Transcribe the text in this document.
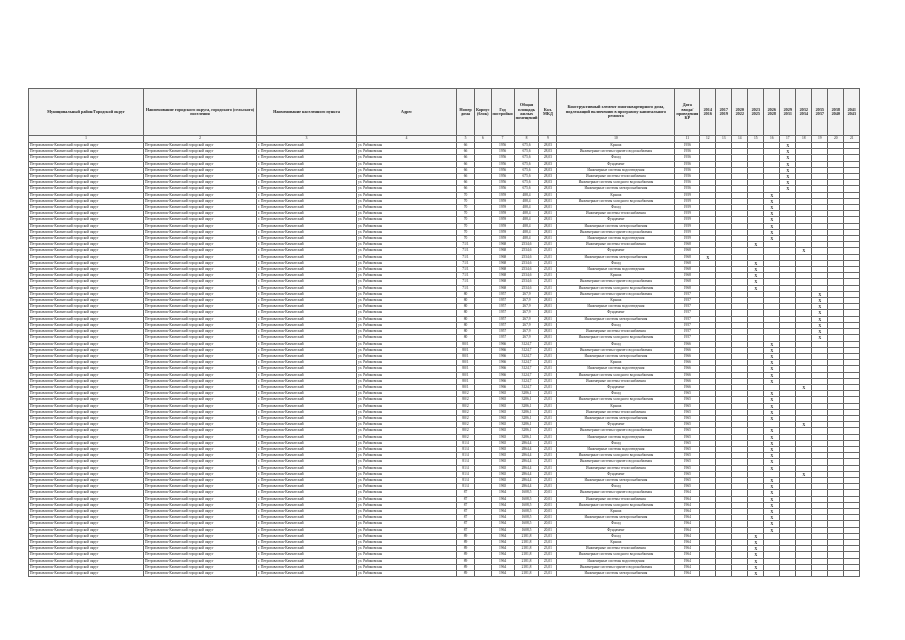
Муниципальный район/Городской округ	Наименование городского округа, городского (сельского) поселения	Наименование населенного пункта	Адрес	Номер дома	Корпус (блок)	Год постройки	Общая площадь жилых помещений	Кол. МКД	Конструктивный элемент многоквартирного дома, подлежащий включению в программу капитального ремонта	Дата ввода/проведения КР	2014 2016	2017 2019	2020 2022	2023 2025	2026 2028	2029 2031	2032 2034	2035 2037	2038 2040	2041 2043
1	2	3	4	5	6	7	8	9	10	11	12	13	14	15	16	17	18	19	20	21
Петропавловск-Камчатский городской округ	Петропавловск-Камчатский городской округ	г. Петропавловск-Камчатский	ул. Рябиковская	66		1956	675,6	28,03	Крыша	1956						X				
Петропавловск-Камчатский городской округ	Петропавловск-Камчатский городской округ	г. Петропавловск-Камчатский	ул. Рябиковская	66		1956	675,6	28,03	Инженерные системы горячего водоснабжения	1956						X				
Петропавловск-Камчатский городской округ	Петропавловск-Камчатский городской округ	г. Петропавловск-Камчатский	ул. Рябиковская	66		1956	675,6	28,03	Фасад	1956						X				
Петропавловск-Камчатский городской округ	Петропавловск-Камчатский городской округ	г. Петропавловск-Камчатский	ул. Рябиковская	66		1956	675,6	28,03	Фундамент	1956						X				
Петропавловск-Камчатский городской округ	Петропавловск-Камчатский городской округ	г. Петропавловск-Камчатский	ул. Рябиковская	66		1956	675,6	28,03	Инженерные системы водоотведения	1956						X				
Петропавловск-Камчатский городской округ	Петропавловск-Камчатский городской округ	г. Петропавловск-Камчатский	ул. Рябиковская	66		1956	675,6	28,03	Инженерные системы теплоснабжения	1956						X				
Петропавловск-Камчатский городской округ	Петропавловск-Камчатский городской округ	г. Петропавловск-Камчатский	ул. Рябиковская	66		1956	675,6	28,03	Инженерные системы холодного водоснабжения	1956						X				
Петропавловск-Камчатский городской округ	Петропавловск-Камчатский городской округ	г. Петропавловск-Камчатский	ул. Рябиковская	66		1956	675,6	28,03	Инженерные системы электроснабжения	1956						X				
Петропавловск-Камчатский городской округ	Петропавловск-Камчатский городской округ	г. Петропавловск-Камчатский	ул. Рябиковская	70		1959	488,4	28,01	Крыша	1959					X					
Петропавловск-Камчатский городской округ	Петропавловск-Камчатский городской округ	г. Петропавловск-Камчатский	ул. Рябиковская	70		1959	488,4	28,01	Инженерные системы холодного водоснабжения	1959					X					
Петропавловск-Камчатский городской округ	Петропавловск-Камчатский городской округ	г. Петропавловск-Камчатский	ул. Рябиковская	70		1959	488,4	28,01	Фасад	1959					X					
Петропавловск-Камчатский городской округ	Петропавловск-Камчатский городской округ	г. Петропавловск-Камчатский	ул. Рябиковская	70		1959	488,4	28,01	Инженерные системы теплоснабжения	1959					X					
Петропавловск-Камчатский городской округ	Петропавловск-Камчатский городской округ	г. Петропавловск-Камчатский	ул. Рябиковская	70		1959	488,4	28,01	Фундамент	1959					X					
Петропавловск-Камчатский городской округ	Петропавловск-Камчатский городской округ	г. Петропавловск-Камчатский	ул. Рябиковская	70		1959	488,4	28,01	Инженерные системы электроснабжения	1959					X					
Петропавловск-Камчатский городской округ	Петропавловск-Камчатский городской округ	г. Петропавловск-Камчатский	ул. Рябиковская	70		1959	488,4	28,01	Инженерные системы горячего водоснабжения	1959					X					
Петропавловск-Камчатский городской округ	Петропавловск-Камчатский городской округ	г. Петропавловск-Камчатский	ул. Рябиковская	70		1959	488,4	28,01	Инженерные системы водоотведения	1959					X					
Петропавловск-Камчатский городской округ	Петропавловск-Камчатский городской округ	г. Петропавловск-Камчатский	ул. Рябиковская	71/1		1968	2534,6	23,01	Инженерные системы теплоснабжения	1968				X						
Петропавловск-Камчатский городской округ	Петропавловск-Камчатский городской округ	г. Петропавловск-Камчатский	ул. Рябиковская	71/1		1968	2534,6	23,01	Фундамент	1968							X			
Петропавловск-Камчатский городской округ	Петропавловск-Камчатский городской округ	г. Петропавловск-Камчатский	ул. Рябиковская	71/1		1968	2534,6	23,01	Инженерные системы электроснабжения	1968	X									
Петропавловск-Камчатский городской округ	Петропавловск-Камчатский городской округ	г. Петропавловск-Камчатский	ул. Рябиковская	71/1		1968	2534,6	23,01	Фасад	1968				X						
Петропавловск-Камчатский городской округ	Петропавловск-Камчатский городской округ	г. Петропавловск-Камчатский	ул. Рябиковская	71/1		1968	2534,6	23,01	Инженерные системы водоотведения	1968				X						
Петропавловск-Камчатский городской округ	Петропавловск-Камчатский городской округ	г. Петропавловск-Камчатский	ул. Рябиковская	71/1		1968	2534,6	23,01	Крыша	1968				X						
Петропавловск-Камчатский городской округ	Петропавловск-Камчатский городской округ	г. Петропавловск-Камчатский	ул. Рябиковская	71/1		1968	2534,6	23,01	Инженерные системы горячего водоснабжения	1968				X						
Петропавловск-Камчатский городской округ	Петропавловск-Камчатский городской округ	г. Петропавловск-Камчатский	ул. Рябиковская	71/1		1968	2534,6	23,01	Инженерные системы холодного водоснабжения	1968				X						
Петропавловск-Камчатский городской округ	Петропавловск-Камчатский городской округ	г. Петропавловск-Камчатский	ул. Рябиковская	80		1957	267,9	28,01	Инженерные системы горячего водоснабжения	1957								X		
Петропавловск-Камчатский городской округ	Петропавловск-Камчатский городской округ	г. Петропавловск-Камчатский	ул. Рябиковская	80		1957	267,9	28,01	Крыша	1957								X		
Петропавловск-Камчатский городской округ	Петропавловск-Камчатский городской округ	г. Петропавловск-Камчатский	ул. Рябиковская	80		1957	267,9	28,01	Инженерные системы водоотведения	1957								X		
Петропавловск-Камчатский городской округ	Петропавловск-Камчатский городской округ	г. Петропавловск-Камчатский	ул. Рябиковская	80		1957	267,9	28,01	Фундамент	1957								X		
Петропавловск-Камчатский городской округ	Петропавловск-Камчатский городской округ	г. Петропавловск-Камчатский	ул. Рябиковская	80		1957	267,9	28,01	Инженерные системы электроснабжения	1957								X		
Петропавловск-Камчатский городской округ	Петропавловск-Камчатский городской округ	г. Петропавловск-Камчатский	ул. Рябиковская	80		1957	267,9	28,01	Фасад	1957								X		
Петропавловск-Камчатский городской округ	Петропавловск-Камчатский городской округ	г. Петропавловск-Камчатский	ул. Рябиковская	80		1957	267,9	28,01	Инженерные системы теплоснабжения	1957								X		
Петропавловск-Камчатский городской округ	Петропавловск-Камчатский городской округ	г. Петропавловск-Камчатский	ул. Рябиковская	80		1957	267,9	28,01	Инженерные системы холодного водоснабжения	1957								X		
Петропавловск-Камчатский городской округ	Петропавловск-Камчатский городской округ	г. Петропавловск-Камчатский	ул. Рябиковская	80/1		1966	3124,7	23,01	Фасад	1966					X					
Петропавловск-Камчатский городской округ	Петропавловск-Камчатский городской округ	г. Петропавловск-Камчатский	ул. Рябиковская	80/1		1966	3124,7	23,01	Инженерные системы горячего водоснабжения	1966					X					
Петропавловск-Камчатский городской округ	Петропавловск-Камчатский городской округ	г. Петропавловск-Камчатский	ул. Рябиковская	80/1		1966	3124,7	23,01	Инженерные системы электроснабжения	1966					X					
Петропавловск-Камчатский городской округ	Петропавловск-Камчатский городской округ	г. Петропавловск-Камчатский	ул. Рябиковская	80/1		1966	3124,7	23,01	Крыша	1966					X					
Петропавловск-Камчатский городской округ	Петропавловск-Камчатский городской округ	г. Петропавловск-Камчатский	ул. Рябиковская	80/1		1966	3124,7	23,01	Инженерные системы водоотведения	1966					X					
Петропавловск-Камчатский городской округ	Петропавловск-Камчатский городской округ	г. Петропавловск-Камчатский	ул. Рябиковская	80/1		1966	3124,7	23,01	Инженерные системы холодного водоснабжения	1966					X					
Петропавловск-Камчатский городской округ	Петропавловск-Камчатский городской округ	г. Петропавловск-Камчатский	ул. Рябиковская	80/1		1966	3124,7	23,01	Инженерные системы теплоснабжения	1966					X					
Петропавловск-Камчатский городской округ	Петропавловск-Камчатский городской округ	г. Петропавловск-Камчатский	ул. Рябиковская	80/1		1966	3124,7	23,01	Фундамент	1966							X			
Петропавловск-Камчатский городской округ	Петропавловск-Камчатский городской округ	г. Петропавловск-Камчатский	ул. Рябиковская	80/2		1965	3286,1	23,01	Фасад	1965					X					
Петропавловск-Камчатский городской округ	Петропавловск-Камчатский городской округ	г. Петропавловск-Камчатский	ул. Рябиковская	80/2		1965	3286,1	23,01	Инженерные системы холодного водоснабжения	1965					X					
Петропавловск-Камчатский городской округ	Петропавловск-Камчатский городской округ	г. Петропавловск-Камчатский	ул. Рябиковская	80/2		1965	3286,1	23,01	Крыша	1965					X					
Петропавловск-Камчатский городской округ	Петропавловск-Камчатский городской округ	г. Петропавловск-Камчатский	ул. Рябиковская	80/2		1965	3286,1	23,01	Инженерные системы теплоснабжения	1965					X					
Петропавловск-Камчатский городской округ	Петропавловск-Камчатский городской округ	г. Петропавловск-Камчатский	ул. Рябиковская	80/2		1965	3286,1	23,01	Инженерные системы электроснабжения	1965					X					
Петропавловск-Камчатский городской округ	Петропавловск-Камчатский городской округ	г. Петропавловск-Камчатский	ул. Рябиковская	80/2		1965	3286,1	23,01	Фундамент	1965							X			
Петропавловск-Камчатский городской округ	Петропавловск-Камчатский городской округ	г. Петропавловск-Камчатский	ул. Рябиковская	80/2		1965	3286,1	23,01	Инженерные системы горячего водоснабжения	1965					X					
Петропавловск-Камчатский городской округ	Петропавловск-Камчатский городской округ	г. Петропавловск-Камчатский	ул. Рябиковская	80/2		1965	3286,1	23,01	Инженерные системы водоотведения	1965					X					
Петропавловск-Камчатский городской округ	Петропавловск-Камчатский городской округ	г. Петропавловск-Камчатский	ул. Рябиковская	81/4		1965	2864,4	23,01	Фасад	1965					X					
Петропавловск-Камчатский городской округ	Петропавловск-Камчатский городской округ	г. Петропавловск-Камчатский	ул. Рябиковская	81/4		1965	2864,4	23,01	Инженерные системы водоотведения	1965					X					
Петропавловск-Камчатский городской округ	Петропавловск-Камчатский городской округ	г. Петропавловск-Камчатский	ул. Рябиковская	81/4		1965	2864,4	23,01	Инженерные системы холодного водоснабжения	1965					X					
Петропавловск-Камчатский городской округ	Петропавловск-Камчатский городской округ	г. Петропавловск-Камчатский	ул. Рябиковская	81/4		1965	2864,4	23,01	Инженерные системы горячего водоснабжения	1965					X					
Петропавловск-Камчатский городской округ	Петропавловск-Камчатский городской округ	г. Петропавловск-Камчатский	ул. Рябиковская	81/4		1965	2864,4	23,01	Инженерные системы теплоснабжения	1965					X					
Петропавловск-Камчатский городской округ	Петропавловск-Камчатский городской округ	г. Петропавловск-Камчатский	ул. Рябиковская	81/4		1965	2864,4	23,01	Фундамент	1965							X			
Петропавловск-Камчатский городской округ	Петропавловск-Камчатский городской округ	г. Петропавловск-Камчатский	ул. Рябиковская	81/4		1965	2864,4	23,01	Инженерные системы электроснабжения	1965					X					
Петропавловск-Камчатский городской округ	Петропавловск-Камчатский городской округ	г. Петропавловск-Камчатский	ул. Рябиковская	81/4		1965	2864,4	23,01	Фасад	1965					X					
Петропавловск-Камчатский городской округ	Петропавловск-Камчатский городской округ	г. Петропавловск-Камчатский	ул. Рябиковская	87		1964	1608,5	20,01	Инженерные системы горячего водоснабжения	1964					X					
Петропавловск-Камчатский городской округ	Петропавловск-Камчатский городской округ	г. Петропавловск-Камчатский	ул. Рябиковская	87		1964	1608,5	20,01	Инженерные системы теплоснабжения	1964					X					
Петропавловск-Камчатский городской округ	Петропавловск-Камчатский городской округ	г. Петропавловск-Камчатский	ул. Рябиковская	87		1964	1608,5	20,01	Инженерные системы холодного водоснабжения	1964					X					
Петропавловск-Камчатский городской округ	Петропавловск-Камчатский городской округ	г. Петропавловск-Камчатский	ул. Рябиковская	87		1964	1608,5	20,01	Крыша	1964					X					
Петропавловск-Камчатский городской округ	Петропавловск-Камчатский городской округ	г. Петропавловск-Камчатский	ул. Рябиковская	87		1964	1608,5	20,01	Инженерные системы электроснабжения	1964					X					
Петропавловск-Камчатский городской округ	Петропавловск-Камчатский городской округ	г. Петропавловск-Камчатский	ул. Рябиковская	87		1964	1608,5	20,01	Фасад	1964					X					
Петропавловск-Камчатский городской округ	Петропавловск-Камчатский городской округ	г. Петропавловск-Камчатский	ул. Рябиковская	87		1964	1608,5	20,01	Фундамент	1964					X					
Петропавловск-Камчатский городской округ	Петропавловск-Камчатский городской округ	г. Петропавловск-Камчатский	ул. Рябиковская	89		1964	2181,8	23,01	Фасад	1964				X						
Петропавловск-Камчатский городской округ	Петропавловск-Камчатский городской округ	г. Петропавловск-Камчатский	ул. Рябиковская	89		1964	2181,8	23,01	Крыша	1964				X						
Петропавловск-Камчатский городской округ	Петропавловск-Камчатский городской округ	г. Петропавловск-Камчатский	ул. Рябиковская	89		1964	2181,8	23,01	Инженерные системы теплоснабжения	1964				X						
Петропавловск-Камчатский городской округ	Петропавловск-Камчатский городской округ	г. Петропавловск-Камчатский	ул. Рябиковская	89		1964	2181,8	23,01	Инженерные системы холодного водоснабжения	1964				X						
Петропавловск-Камчатский городской округ	Петропавловск-Камчатский городской округ	г. Петропавловск-Камчатский	ул. Рябиковская	89		1964	2181,8	23,01	Инженерные системы водоотведения	1964				X						
Петропавловск-Камчатский городской округ	Петропавловск-Камчатский городской округ	г. Петропавловск-Камчатский	ул. Рябиковская	89		1964	2181,8	23,01	Инженерные системы горячего водоснабжения	1964				X						
Петропавловск-Камчатский городской округ	Петропавловск-Камчатский городской округ	г. Петропавловск-Камчатский	ул. Рябиковская	89		1964	2181,8	23,01	Инженерные системы электроснабжения	1964				X						
